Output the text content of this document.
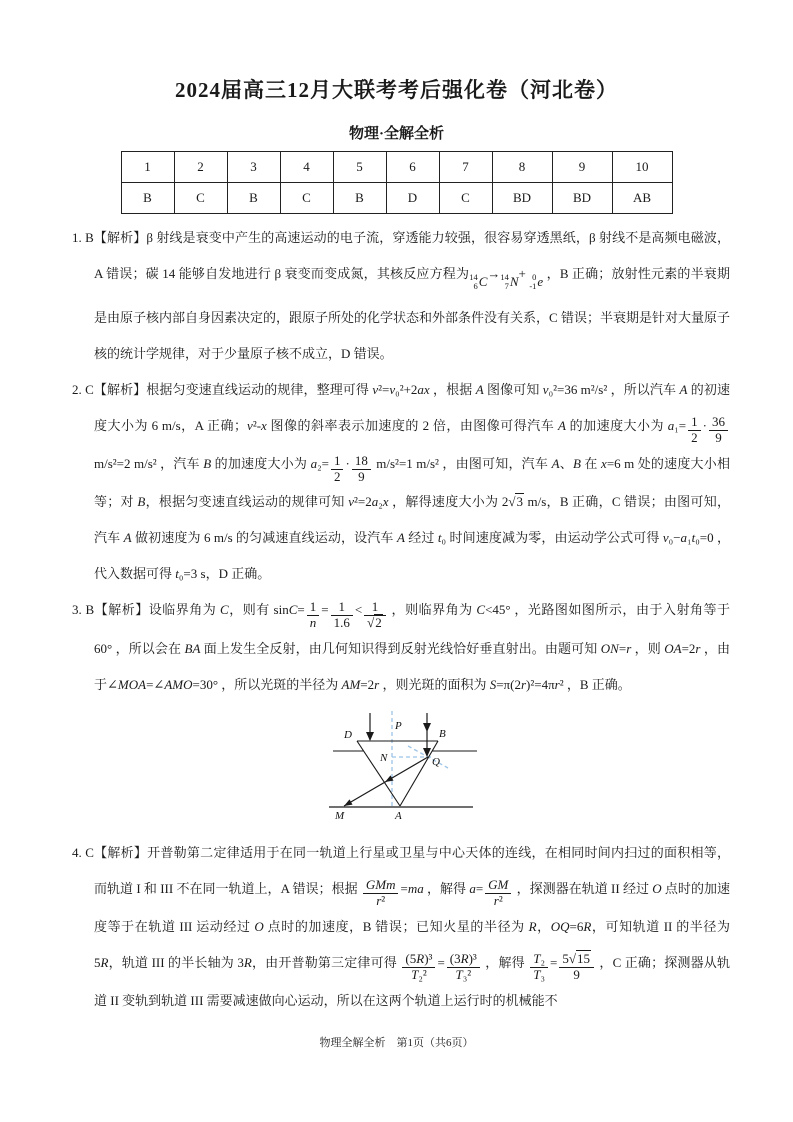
2024届高三12月大联考考后强化卷（河北卷）
物理·全解全析
1	2	3	4	5	6	7	8	9	10
B	C	B	C	B	D	C	BD	BD	AB

1. B【解析】β 射线是衰变中产生的高速运动的电子流，穿透能力较强，很容易穿透黑纸，β 射线不是高频电磁波，A 错误；碳 14 能够自发地进行 β 衰变而变成氮，其核反应方程为 14
6 C
→ 14
7 N
+ 0
-1 e
，B 正确；放射性元素的半衰期是由原子核内部自身因素决定的，跟原子所处的化学状态和外部条件没有关系，C 错误；半衰期是针对大量原子核的统计学规律，对于少量原子核不成立，D 错误。

2. C【解析】根据匀变速直线运动的规律，整理可得 v²=v₀²+2ax ，根据 A 图像可知 v₀²=36 m²/s² ，所以汽车 A 的初速度大小为 6 m/s，A 正确；v²-x 图像的斜率表示加速度的 2 倍，由图像可得汽车 A 的加速度大小为 $a_1= \frac{1}{2} \cdot \frac{36}{9}$
m/s²=2 m/s² ，汽车 B 的加速度大小为 $a_2= \frac{1}{2} \cdot \frac{18}{9} m/s^2=1$ m/s² ，由图可知，汽车 A、B 在 x=6 m 处的速度大小相等；对 B，根据匀变速直线运动的规律可知 v²=2a₂x ，解得速度大小为 2√3 m/s，B 正确，C 错误；由图可知，汽车 A 做初速度为 6 m/s 的匀减速直线运动，设汽车 A 经过 t₀ 时间速度减为零，由运动学公式可得 v₀−a₁t₀=0 ，代入数据可得 t₀=3 s，D 正确。

3. B【解析】设临界角为 C，则有 $\sin C= \frac{1}{n} = \frac{1}{1.6} < \frac{1}{√2}$ ，则临界角为 C<45° ，光路图如图所示，由于入射角等于 60° ，所以会在 BA 面上发生全反射，由几何知识得到反射光线恰好垂直射出。由题可知 ON=r ，则 OA=2r ，由于∠MOA=∠AMO=30° ，所以光斑的半径为 AM=2r ，则光斑的面积为 S=π(2r)²=4πr² ，B 正确。

D
P
B
N	Q
M	A

4. C【解析】开普勒第二定律适用于在同一轨道上行星或卫星与中心天体的连线，在相同时间内扫过的面积相等，而轨道 I 和 III 不在同一轨道上，A 错误；根据 $\frac{\text{GMm}}{\text{r²}} =ma$ ，解得 $a= \frac{GM}{\text{r²}}$ ，探测器在轨道 II 经过 O 点时的加速度等于在轨道 III 运动经过 O 点时的加速度，B 错误；已知火星的半径为 R，OQ=6R，可知轨道 II 的半径为 5R，轨道 III 的半长轴为 3R，由开普勒第三定律可得 $\frac{\text{(5R)³}}{\text{T₂²}} = \frac{\text{(3R)³}}{\text{T₃²}}$ ，解得 $\frac{\text{T₂}}{\text{T₃}} = \frac{5√15}{9}$ ，C 正确；探测器从轨道 II 变轨到轨道 III 需要减速做向心运动，所以在这两个轨道上运行时的机械能不

物理全解全析　第1页（共6页）
